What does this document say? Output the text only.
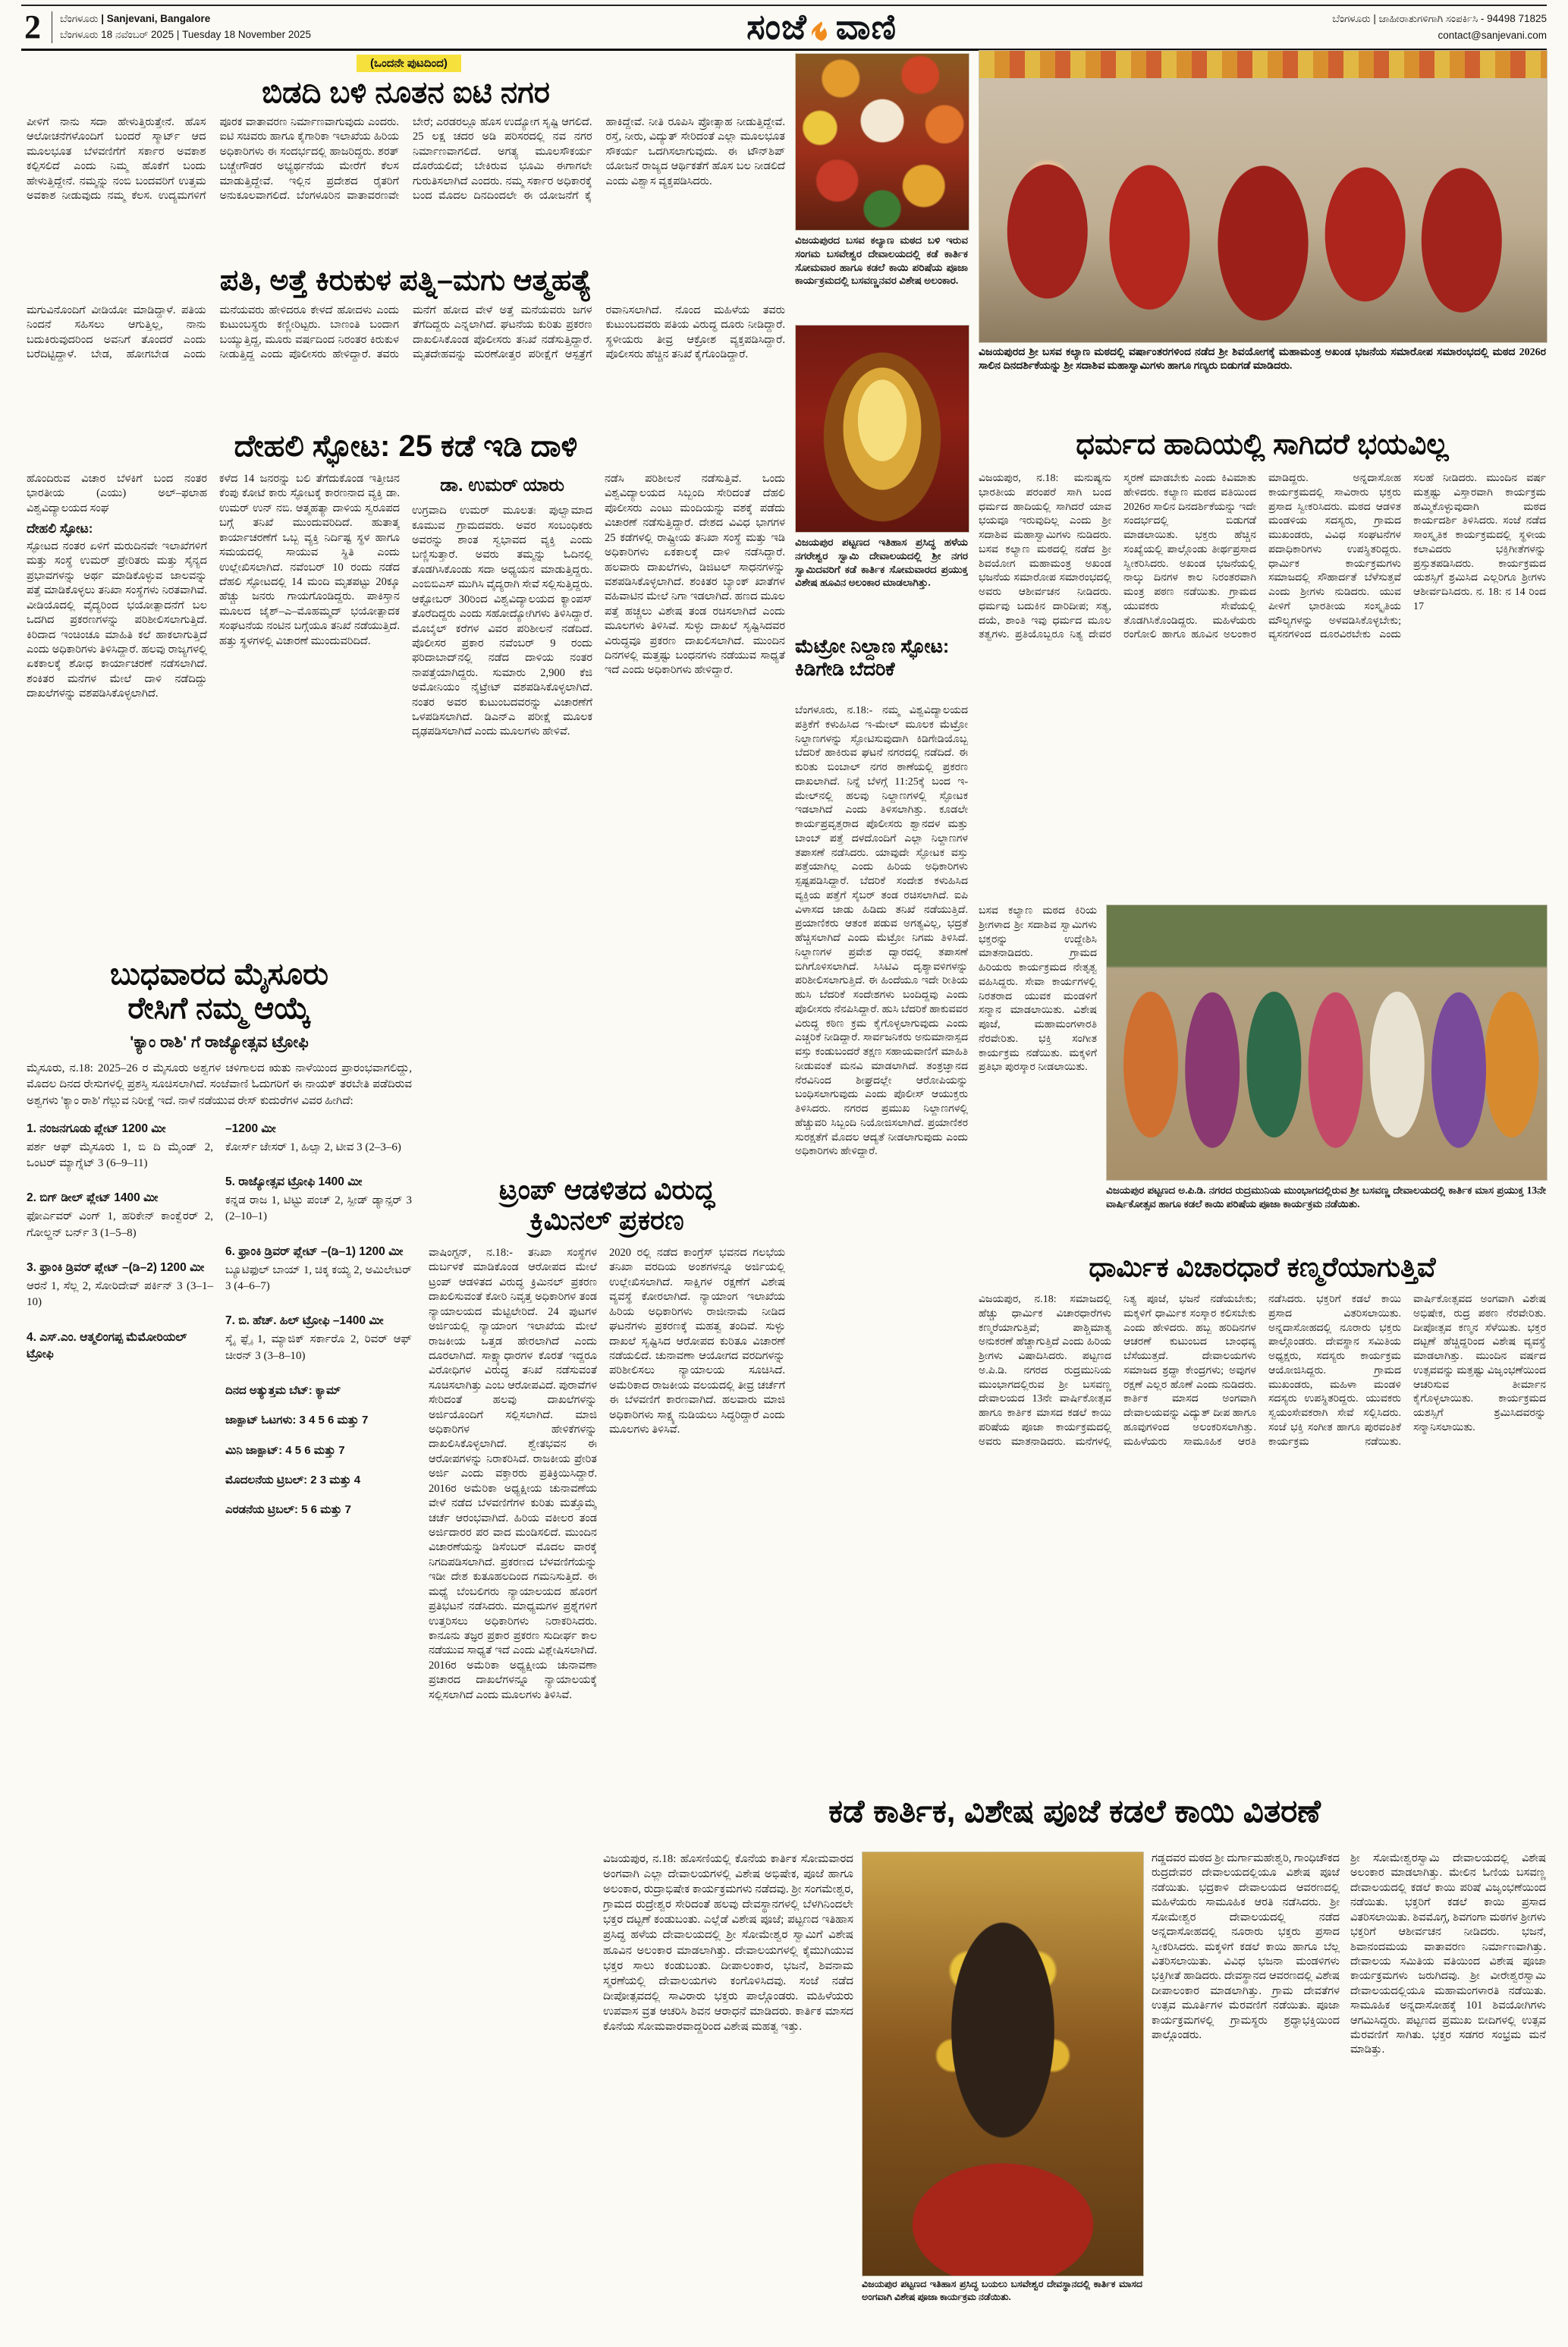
2 ಬೆಂಗಳೂರು | Sanjevani, Bangalore
ಬೆಂಗಳೂರು 18 ನವೆಂಬರ್ 2025 | Tuesday 18 November 2025	ಸಂಜೆ ವಾಣಿ	ಬೆಂಗಳೂರು | ಜಾಹೀರಾತುಗಳಿಗಾಗಿ ಸಂಪರ್ಕಿಸಿ - 94498 71825
contact@sanjevani.com
(ಒಂದನೇ ಪುಟದಿಂದ)
ಬಿಡದಿ ಬಳಿ ನೂತನ ಐಟಿ ನಗರ
ಪೀಳಿಗೆ ನಾನು ಸದಾ ಹೇಳುತ್ತಿರುತ್ತೇನೆ. ಹೊಸ ಆಲೋಚನೆಗಳೊಂದಿಗೆ ಬಂದರೆ ಸ್ಮಾರ್ಟ್ ಆದ ಮೂಲಭೂತ ಬೆಳವಣಿಗೆಗೆ ಸರ್ಕಾರ ಅವಕಾಶ ಕಲ್ಪಿಸಲಿದೆ ಎಂದು ನಿಮ್ಮ ಹೊಕೆಗೆ ಬಂದು ಹೇಳುತ್ತಿದ್ದೇನೆ. ನಮ್ಮನ್ನು ನಂಬಿ ಬಂದವರಿಗೆ ಉತ್ತಮ ಅವಕಾಶ ನೀಡುವುದು ನಮ್ಮ ಕೆಲಸ. ಉದ್ಯಮಗಳಿಗೆ ಪೂರಕ ವಾತಾವರಣ ನಿರ್ಮಾಣವಾಗುವುದು ಎಂದರು. ಐಟಿ ಸಚಿವರು ಹಾಗೂ ಕೈಗಾರಿಕಾ ಇಲಾಖೆಯ ಹಿರಿಯ ಅಧಿಕಾರಿಗಳು ಈ ಸಂದರ್ಭದಲ್ಲಿ ಹಾಜರಿದ್ದರು. ಶರತ್ ಬಚ್ಚೇಗೌಡರ ಅಭ್ಯರ್ಥನೆಯ ಮೇರೆಗೆ ಕೆಲಸ ಮಾಡುತ್ತಿದ್ದೇವೆ. ಇಲ್ಲಿನ ಪ್ರದೇಶದ ರೈತರಿಗೆ ಅನುಕೂಲವಾಗಲಿದೆ. ಬೆಂಗಳೂರಿನ ವಾತಾವರಣವೇ ಬೇರೆ; ಎರಡರಲ್ಲೂ ಹೊಸ ಉದ್ಯೋಗ ಸೃಷ್ಟಿ ಆಗಲಿದೆ. 25 ಲಕ್ಷ ಚದರ ಅಡಿ ಪರಿಸರದಲ್ಲಿ ನವ ನಗರ ನಿರ್ಮಾಣವಾಗಲಿದೆ. ಅಗತ್ಯ ಮೂಲಸೌಕರ್ಯ ದೊರೆಯಲಿದೆ; ಬೇಕಿರುವ ಭೂಮಿ ಈಗಾಗಲೇ ಗುರುತಿಸಲಾಗಿದೆ ಎಂದರು. ನಮ್ಮ ಸರ್ಕಾರ ಅಧಿಕಾರಕ್ಕೆ ಬಂದ ಮೊದಲ ದಿನದಿಂದಲೇ ಈ ಯೋಜನೆಗೆ ಕೈ ಹಾಕಿದ್ದೇವೆ. ನೀತಿ ರೂಪಿಸಿ ಪ್ರೋತ್ಸಾಹ ನೀಡುತ್ತಿದ್ದೇವೆ. ರಸ್ತೆ, ನೀರು, ವಿದ್ಯುತ್ ಸೇರಿದಂತೆ ಎಲ್ಲಾ ಮೂಲಭೂತ ಸೌಕರ್ಯ ಒದಗಿಸಲಾಗುವುದು. ಈ ಟೌನ್‌ಶಿಪ್ ಯೋಜನೆ ರಾಜ್ಯದ ಆರ್ಥಿಕತೆಗೆ ಹೊಸ ಬಲ ನೀಡಲಿದೆ ಎಂದು ವಿಶ್ವಾಸ ವ್ಯಕ್ತಪಡಿಸಿದರು.
ಪತಿ, ಅತ್ತೆ ಕಿರುಕುಳ ಪತ್ನಿ–ಮಗು ಆತ್ಮಹತ್ಯೆ
ಮಗುವಿನೊಂದಿಗೆ ವೀಡಿಯೋ ಮಾಡಿದ್ದಾಳೆ. ಪತಿಯ ನಿಂದನೆ ಸಹಿಸಲು ಆಗುತ್ತಿಲ್ಲ, ನಾನು ಬದುಕಿರುವುದರಿಂದ ಅವನಿಗೆ ತೊಂದರೆ ಎಂದು ಬರೆದಿಟ್ಟಿದ್ದಾಳೆ. ಬೇಡ, ಹೋಗಬೇಡ ಎಂದು ಮನೆಯವರು ಹೇಳಿದರೂ ಕೇಳದೆ ಹೋದಳು ಎಂದು ಕುಟುಂಬಸ್ಥರು ಕಣ್ಣೀರಿಟ್ಟರು. ಬಾಣಂತಿ ಬಂದಾಗ ಬಯ್ಯುತ್ತಿದ್ದ, ಮೂರು ವರ್ಷದಿಂದ ನಿರಂತರ ಕಿರುಕುಳ ನೀಡುತ್ತಿದ್ದ ಎಂದು ಪೊಲೀಸರು ಹೇಳಿದ್ದಾರೆ. ತವರು ಮನೆಗೆ ಹೋದ ವೇಳೆ ಅತ್ತೆ ಮನೆಯವರು ಜಗಳ ತೆಗೆದಿದ್ದರು ಎನ್ನಲಾಗಿದೆ. ಘಟನೆಯ ಕುರಿತು ಪ್ರಕರಣ ದಾಖಲಿಸಿಕೊಂಡ ಪೊಲೀಸರು ತನಿಖೆ ನಡೆಸುತ್ತಿದ್ದಾರೆ. ಮೃತದೇಹವನ್ನು ಮರಣೋತ್ತರ ಪರೀಕ್ಷೆಗೆ ಆಸ್ಪತ್ರೆಗೆ ರವಾನಿಸಲಾಗಿದೆ. ನೊಂದ ಮಹಿಳೆಯ ತವರು ಕುಟುಂಬದವರು ಪತಿಯ ವಿರುದ್ಧ ದೂರು ನೀಡಿದ್ದಾರೆ. ಸ್ಥಳೀಯರು ತೀವ್ರ ಆಕ್ರೋಶ ವ್ಯಕ್ತಪಡಿಸಿದ್ದಾರೆ. ಪೊಲೀಸರು ಹೆಚ್ಚಿನ ತನಿಖೆ ಕೈಗೊಂಡಿದ್ದಾರೆ.
ದೇಹಲಿ ಸ್ಫೋಟ: 25 ಕಡೆ ಇಡಿ ದಾಳಿ

ಹೊಂದಿರುವ ವಿಚಾರ ಬೆಳಕಿಗೆ ಬಂದ ನಂತರ ಭಾರತೀಯ (ಎಯು) ಅಲ್–ಫಲಾಹ ವಿಶ್ವವಿದ್ಯಾಲಯದ ಸಂಘ

ದೇಹಲಿ ಸ್ಫೋಟ:

ಸ್ಫೋಟದ ನಂತರ ಏಳಿಗೆ ಮರುದಿನವೇ ಇಲಾಖೆಗಳಿಗೆ ಮತ್ತು ಸಂಸ್ಥೆ ಉಮರ್ ಪ್ರೇರಿತರು ಮತ್ತು ಸೈನ್ಯದ ಪ್ರಭಾವಗಳನ್ನು ಅರ್ಥ ಮಾಡಿಕೊಳ್ಳುವ ಜಾಲವನ್ನು ಪತ್ತೆ ಮಾಡಿಕೊಳ್ಳಲು ತನಿಖಾ ಸಂಸ್ಥೆಗಳು ನಿರತವಾಗಿವೆ. ವೀಡಿಯೊದಲ್ಲಿ ವೈದ್ಯರಿಂದ ಭಯೋತ್ಪಾದನೆಗೆ ಬಲ ಒದಗಿದ ಪ್ರಕರಣಗಳನ್ನು ಪರಿಶೀಲಿಸಲಾಗುತ್ತಿದೆ. ಕಿರಿದಾದ ಇಂಚಿಂಚೂ ಮಾಹಿತಿ ಕಲೆ ಹಾಕಲಾಗುತ್ತಿದೆ ಎಂದು ಅಧಿಕಾರಿಗಳು ತಿಳಿಸಿದ್ದಾರೆ. ಹಲವು ರಾಜ್ಯಗಳಲ್ಲಿ ಏಕಕಾಲಕ್ಕೆ ಶೋಧ ಕಾರ್ಯಾಚರಣೆ ನಡೆಸಲಾಗಿದೆ. ಶಂಕಿತರ ಮನೆಗಳ ಮೇಲೆ ದಾಳಿ ನಡೆದಿದ್ದು ದಾಖಲೆಗಳನ್ನು ವಶಪಡಿಸಿಕೊಳ್ಳಲಾಗಿದೆ.

ಕಳೆದ 14 ಜನರನ್ನು ಬಲಿ ತೆಗೆದುಕೊಂಡ ಇತ್ತೀಚಿನ ಕೆಂಪು ಕೋಟೆ ಕಾರು ಸ್ಫೋಟಕ್ಕೆ ಕಾರಣನಾದ ವ್ಯಕ್ತಿ ಡಾ. ಉಮರ್ ಉನ್ ನಬಿ. ಆತ್ಮಹತ್ಯಾ ದಾಳಿಯ ಸ್ವರೂಪದ ಬಗ್ಗೆ ತನಿಖೆ ಮುಂದುವರಿದಿದೆ. ಹುತಾತ್ಮ ಕಾರ್ಯಾಚರಣೆಗೆ ಒಬ್ಬ ವ್ಯಕ್ತಿ ನಿರ್ದಿಷ್ಟ ಸ್ಥಳ ಹಾಗೂ ಸಮಯದಲ್ಲಿ ಸಾಯುವ ಸ್ಥಿತಿ ಎಂದು ಉಲ್ಲೇಖಿಸಲಾಗಿದೆ. ನವೆಂಬರ್ 10 ರಂದು ನಡೆದ ದೆಹಲಿ ಸ್ಫೋಟದಲ್ಲಿ 14 ಮಂದಿ ಮೃತಪಟ್ಟು 20ಕ್ಕೂ ಹೆಚ್ಚು ಜನರು ಗಾಯಗೊಂಡಿದ್ದರು. ಪಾಕಿಸ್ತಾನ ಮೂಲದ ಜೈಶ್–ಎ–ಮೊಹಮ್ಮದ್ ಭಯೋತ್ಪಾದಕ ಸಂಘಟನೆಯ ನಂಟಿನ ಬಗ್ಗೆಯೂ ತನಿಖೆ ನಡೆಯುತ್ತಿದೆ. ಹತ್ತು ಸ್ಥಳಗಳಲ್ಲಿ ವಿಚಾರಣೆ ಮುಂದುವರಿದಿದೆ.
ಡಾ. ಉಮರ್ ಯಾರು

ಉಗ್ರವಾದಿ ಉಮರ್ ಮೂಲತಃ ಪುಲ್ವಾಮಾದ ಕೂಮುವ ಗ್ರಾಮದವರು. ಅವರ ಸಂಬಂಧಿಕರು ಅವರನ್ನು ಶಾಂತ ಸ್ವಭಾವದ ವ್ಯಕ್ತಿ ಎಂದು ಬಣ್ಣಿಸುತ್ತಾರೆ. ಅವರು ತಮ್ಮನ್ನು ಓದಿನಲ್ಲಿ ತೊಡಗಿಸಿಕೊಂಡು ಸದಾ ಅಧ್ಯಯನ ಮಾಡುತ್ತಿದ್ದರು. ಎಂಬಿಬಿಎಸ್ ಮುಗಿಸಿ ವೈದ್ಯರಾಗಿ ಸೇವೆ ಸಲ್ಲಿಸುತ್ತಿದ್ದರು. ಆಕ್ಟೋಬರ್ 30ರಿಂದ ವಿಶ್ವವಿದ್ಯಾಲಯದ ಕ್ಯಾಂಪಸ್ ತೊರೆದಿದ್ದರು ಎಂದು ಸಹೋದ್ಯೋಗಿಗಳು ತಿಳಿಸಿದ್ದಾರೆ. ಮೊಬೈಲ್ ಕರೆಗಳ ವಿವರ ಪರಿಶೀಲನೆ ನಡೆದಿದೆ. ಪೊಲೀಸರ ಪ್ರಕಾರ ನವೆಂಬರ್ 9 ರಂದು ಫರಿದಾಬಾದ್‌ನಲ್ಲಿ ನಡೆದ ದಾಳಿಯ ನಂತರ ನಾಪತ್ತೆಯಾಗಿದ್ದರು. ಸುಮಾರು 2,900 ಕೆಜಿ ಅಮೋನಿಯಂ ನೈಟ್ರೇಟ್ ವಶಪಡಿಸಿಕೊಳ್ಳಲಾಗಿದೆ. ನಂತರ ಅವರ ಕುಟುಂಬದವರನ್ನು ವಿಚಾರಣೆಗೆ ಒಳಪಡಿಸಲಾಗಿದೆ. ಡಿಎನ್‌ಎ ಪರೀಕ್ಷೆ ಮೂಲಕ ದೃಢಪಡಿಸಲಾಗಿದೆ ಎಂದು ಮೂಲಗಳು ಹೇಳಿವೆ.

ನಡೆಸಿ ಪರಿಶೀಲನೆ ನಡೆಸುತ್ತಿವೆ. ಒಂದು ವಿಶ್ವವಿದ್ಯಾಲಯದ ಸಿಬ್ಬಂದಿ ಸೇರಿದಂತೆ ದೆಹಲಿ ಪೊಲೀಸರು ಎಂಟು ಮಂದಿಯನ್ನು ವಶಕ್ಕೆ ಪಡೆದು ವಿಚಾರಣೆ ನಡೆಸುತ್ತಿದ್ದಾರೆ. ದೇಶದ ವಿವಿಧ ಭಾಗಗಳ 25 ಕಡೆಗಳಲ್ಲಿ ರಾಷ್ಟ್ರೀಯ ತನಿಖಾ ಸಂಸ್ಥೆ ಮತ್ತು ಇಡಿ ಅಧಿಕಾರಿಗಳು ಏಕಕಾಲಕ್ಕೆ ದಾಳಿ ನಡೆಸಿದ್ದಾರೆ. ಹಲವಾರು ದಾಖಲೆಗಳು, ಡಿಜಿಟಲ್ ಸಾಧನಗಳನ್ನು ವಶಪಡಿಸಿಕೊಳ್ಳಲಾಗಿದೆ. ಶಂಕಿತರ ಬ್ಯಾಂಕ್ ಖಾತೆಗಳ ವಹಿವಾಟಿನ ಮೇಲೆ ನಿಗಾ ಇಡಲಾಗಿದೆ. ಹಣದ ಮೂಲ ಪತ್ತೆ ಹಚ್ಚಲು ವಿಶೇಷ ತಂಡ ರಚಿಸಲಾಗಿದೆ ಎಂದು ಮೂಲಗಳು ತಿಳಿಸಿವೆ. ಸುಳ್ಳು ದಾಖಲೆ ಸೃಷ್ಟಿಸಿದವರ ವಿರುದ್ಧವೂ ಪ್ರಕರಣ ದಾಖಲಿಸಲಾಗಿದೆ. ಮುಂದಿನ ದಿನಗಳಲ್ಲಿ ಮತ್ತಷ್ಟು ಬಂಧನಗಳು ನಡೆಯುವ ಸಾಧ್ಯತೆ ಇದೆ ಎಂದು ಅಧಿಕಾರಿಗಳು ಹೇಳಿದ್ದಾರೆ.
ಬುಧವಾರದ ಮೈಸೂರು
ರೇಸಿಗೆ ನಮ್ಮ ಆಯ್ಕೆ
'ಕ್ಯಾಂ ರಾಶಿ' ಗೆ ರಾಜ್ಯೋತ್ಸವ ಟ್ರೋಫಿ
ಮೈಸೂರು, ನ.18: 2025–26 ರ ಮೈಸೂರು ಅಶ್ವಗಳ ಚಳಿಗಾಲದ ಋತು ನಾಳೆಯಿಂದ ಪ್ರಾರಂಭವಾಗಲಿದ್ದು, ಮೊದಲ ದಿನದ ರೇಸುಗಳಲ್ಲಿ ಪ್ರಶಸ್ತಿ ಸೂಚಿಸಲಾಗಿದೆ. ಸಂಜೆವಾಣಿ ಓದುಗರಿಗೆ ಈ ನಾಯಕ್ ತರಬೇತಿ ಪಡೆದಿರುವ ಅಶ್ವಗಳು 'ಕ್ಯಾಂ ರಾಶಿ' ಗೆಲ್ಲುವ ನಿರೀಕ್ಷೆ ಇದೆ. ನಾಳೆ ನಡೆಯುವ ರೇಸ್ ಕುದುರೆಗಳ ವಿವರ ಹೀಗಿದೆ:
1. ನಂಜನಗೂಡು ಪ್ಲೇಟ್ 1200 ಮೀ
ಪರ್ಶ ಆಫ್ ಮೈಸೂರು 1, ಬಿ ದಿ ಮೈಂಡ್ 2, ಒಂಟರ್ ಮ್ಯಾಗ್ನೆಟ್ 3 (6–9–11)
2. ಬಿಗ್ ಡೀಲ್ ಪ್ಲೇಟ್ 1400 ಮೀ
ಫೋರ್ಎವರ್ ವಿಂಗ್ 1, ಹರಿಕೇನ್ ಕಾಂಕ್ವೆರರ್ 2, ಗೋಲ್ಡನ್ ಬರ್ನ್ 3 (1–5–8)
3. ಫ್ರಾಂಕಿ ಡ್ರಿವರ್ ಪ್ಲೇಟ್ –(ಡಿ–2) 1200 ಮೀ
ಆರನೆ 1, ಸೆಲ್ಲ 2, ಸೋರಿದೇವ್ ಪರ್ಕಿನ್ 3 (3–1–10)
4. ಎಸ್.ಎಂ. ಆತ್ಮಲಿಂಗಪ್ಪ ಮೆಮೋರಿಯಲ್ ಟ್ರೋಫಿ
–1200 ಮೀ
ಕೋರ್ಸ್ ಜೇಸರ್ 1, ಹಿಲ್ಸಾ 2, ಟೀವ 3 (2–3–6)
5. ರಾಜ್ಯೋತ್ಸವ ಟ್ರೋಫಿ 1400 ಮೀ
ಕನ್ನಡ ರಾಜ 1, ಟಿಟ್ಟು ಪಂಚ್ 2, ಸ್ಪೀಡ್ ಡ್ಯಾನ್ಸರ್ 3 (2–10–1)
6. ಫ್ರಾಂಕಿ ಡ್ರಿವರ್ ಪ್ಲೇಟ್ –(ಡಿ–1) 1200 ಮೀ
ಬ್ಯೂಟಿಫುಲ್ ಬಾಯ್ 1, ಚಿಕ್ಕ ಕಯ್ಯ 2, ಅಮಿಲೇಟರ್ 3 (4–6–7)
7. ಬಿ. ಹೆಚ್. ಹಿಲ್ ಟ್ರೋಫಿ –1400 ಮೀ
ಸ್ಕೈ ಫ್ಲೈ 1, ಮ್ಯಾಜಿಕ್ ಸರ್ಕಾರೊ 2, ರಿವರ್ ಆಫ್ ಚೀರನ್ 3 (3–8–10)
ದಿನದ ಅತ್ಯುತ್ತಮ ಬೆಟ್: ಕ್ಯಾಮ್
ಜಾಕ್ಪಾಟ್ ಓಟಗಳು: 3 4 5 6 ಮತ್ತು 7
ಮಿನಿ ಜಾಕ್ಪಾಟ್: 4 5 6 ಮತ್ತು 7
ಮೊದಲನೆಯ ಟ್ರಿಬಲ್: 2 3 ಮತ್ತು 4
ಎರಡನೆಯ ಟ್ರಿಬಲ್: 5 6 ಮತ್ತು 7
ಟ್ರಂಪ್ ಆಡಳಿತದ ವಿರುದ್ಧ
ಕ್ರಿಮಿನಲ್ ಪ್ರಕರಣ
ವಾಷಿಂಗ್ಟನ್, ನ.18:- ತನಿಖಾ ಸಂಸ್ಥೆಗಳ ದುರ್ಬಳಕೆ ಮಾಡಿಕೊಂಡ ಆರೋಪದ ಮೇಲೆ ಟ್ರಂಪ್ ಆಡಳಿತದ ವಿರುದ್ಧ ಕ್ರಿಮಿನಲ್ ಪ್ರಕರಣ ದಾಖಲಿಸುವಂತೆ ಕೋರಿ ನಿವೃತ್ತ ಅಧಿಕಾರಿಗಳ ತಂಡ ನ್ಯಾಯಾಲಯದ ಮೆಟ್ಟಿಲೇರಿದೆ. 24 ಪುಟಗಳ ಅರ್ಜಿಯಲ್ಲಿ ನ್ಯಾಯಾಂಗ ಇಲಾಖೆಯ ಮೇಲೆ ರಾಜಕೀಯ ಒತ್ತಡ ಹೇರಲಾಗಿದೆ ಎಂದು ದೂರಲಾಗಿದೆ. ಸಾಕ್ಷ್ಯಾಧಾರಗಳ ಕೊರತೆ ಇದ್ದರೂ ವಿರೋಧಿಗಳ ವಿರುದ್ಧ ತನಿಖೆ ನಡೆಸುವಂತೆ ಸೂಚಿಸಲಾಗಿತ್ತು ಎಂಬ ಆರೋಪವಿದೆ. ಪುರಾವೆಗಳ ಸೇರಿದಂತೆ ಹಲವು ದಾಖಲೆಗಳನ್ನು ಅರ್ಜಿಯೊಂದಿಗೆ ಸಲ್ಲಿಸಲಾಗಿದೆ. ಮಾಜಿ ಅಧಿಕಾರಿಗಳ ಹೇಳಿಕೆಗಳನ್ನು ದಾಖಲಿಸಿಕೊಳ್ಳಲಾಗಿದೆ. ಶ್ವೇತಭವನ ಈ ಆರೋಪಗಳನ್ನು ನಿರಾಕರಿಸಿದೆ. ರಾಜಕೀಯ ಪ್ರೇರಿತ ಅರ್ಜಿ ಎಂದು ವಕ್ತಾರರು ಪ್ರತಿಕ್ರಿಯಿಸಿದ್ದಾರೆ. 2016ರ ಅಮೆರಿಕಾ ಅಧ್ಯಕ್ಷೀಯ ಚುನಾವಣೆಯ ವೇಳೆ ನಡೆದ ಬೆಳವಣಿಗೆಗಳ ಕುರಿತು ಮತ್ತೊಮ್ಮೆ ಚರ್ಚೆ ಆರಂಭವಾಗಿದೆ. ಹಿರಿಯ ವಕೀಲರ ತಂಡ ಅರ್ಜಿದಾರರ ಪರ ವಾದ ಮಂಡಿಸಲಿದೆ. ಮುಂದಿನ ವಿಚಾರಣೆಯನ್ನು ಡಿಸೆಂಬರ್ ಮೊದಲ ವಾರಕ್ಕೆ ನಿಗದಿಪಡಿಸಲಾಗಿದೆ. ಪ್ರಕರಣದ ಬೆಳವಣಿಗೆಯನ್ನು ಇಡೀ ದೇಶ ಕುತೂಹಲದಿಂದ ಗಮನಿಸುತ್ತಿದೆ. ಈ ಮಧ್ಯೆ ಬೆಂಬಲಿಗರು ನ್ಯಾಯಾಲಯದ ಹೊರಗೆ ಪ್ರತಿಭಟನೆ ನಡೆಸಿದರು. ಮಾಧ್ಯಮಗಳ ಪ್ರಶ್ನೆಗಳಿಗೆ ಉತ್ತರಿಸಲು ಅಧಿಕಾರಿಗಳು ನಿರಾಕರಿಸಿದರು. ಕಾನೂನು ತಜ್ಞರ ಪ್ರಕಾರ ಪ್ರಕರಣ ಸುದೀರ್ಘ ಕಾಲ ನಡೆಯುವ ಸಾಧ್ಯತೆ ಇದೆ ಎಂದು ವಿಶ್ಲೇಷಿಸಲಾಗಿದೆ. 2016ರ ಅಮೆರಿಕಾ ಅಧ್ಯಕ್ಷೀಯ ಚುನಾವಣಾ ಪ್ರಚಾರದ ದಾಖಲೆಗಳನ್ನೂ ನ್ಯಾಯಾಲಯಕ್ಕೆ ಸಲ್ಲಿಸಲಾಗಿದೆ ಎಂದು ಮೂಲಗಳು ತಿಳಿಸಿವೆ.
2020 ರಲ್ಲಿ ನಡೆದ ಕಾಂಗ್ರೆಸ್ ಭವನದ ಗಲಭೆಯ ತನಿಖಾ ವರದಿಯ ಅಂಶಗಳನ್ನೂ ಅರ್ಜಿಯಲ್ಲಿ ಉಲ್ಲೇಖಿಸಲಾಗಿದೆ. ಸಾಕ್ಷಿಗಳ ರಕ್ಷಣೆಗೆ ವಿಶೇಷ ವ್ಯವಸ್ಥೆ ಕೋರಲಾಗಿದೆ. ನ್ಯಾಯಾಂಗ ಇಲಾಖೆಯ ಹಿರಿಯ ಅಧಿಕಾರಿಗಳು ರಾಜೀನಾಮೆ ನೀಡಿದ ಘಟನೆಗಳು ಪ್ರಕರಣಕ್ಕೆ ಮಹತ್ವ ತಂದಿವೆ. ಸುಳ್ಳು ದಾಖಲೆ ಸೃಷ್ಟಿಸಿದ ಆರೋಪದ ಕುರಿತೂ ವಿಚಾರಣೆ ನಡೆಯಲಿದೆ. ಚುನಾವಣಾ ಆಯೋಗದ ವರದಿಗಳನ್ನು ಪರಿಶೀಲಿಸಲು ನ್ಯಾಯಾಲಯ ಸೂಚಿಸಿದೆ. ಅಮೆರಿಕಾದ ರಾಜಕೀಯ ವಲಯದಲ್ಲಿ ತೀವ್ರ ಚರ್ಚೆಗೆ ಈ ಬೆಳವಣಿಗೆ ಕಾರಣವಾಗಿದೆ. ಹಲವಾರು ಮಾಜಿ ಅಧಿಕಾರಿಗಳು ಸಾಕ್ಷ್ಯ ನುಡಿಯಲು ಸಿದ್ಧರಿದ್ದಾರೆ ಎಂದು ಮೂಲಗಳು ತಿಳಿಸಿವೆ.
ವಿಜಯಪುರದ ಬಸವ ಕಲ್ಯಾಣ ಮಠದ ಬಳಿ ಇರುವ ಸಂಗಮ ಬಸವೇಶ್ವರ ದೇವಾಲಯದಲ್ಲಿ ಕಡೆ ಕಾರ್ತಿಕ ಸೋಮವಾರ ಹಾಗೂ ಕಡಲೆ ಕಾಯಿ ಪರಿಷೆಯ ಪೂಜಾ ಕಾರ್ಯಕ್ರಮದಲ್ಲಿ ಬಸವಣ್ಣನವರ ವಿಶೇಷ ಅಲಂಕಾರ.
ವಿಜಯಪುರ ಪಟ್ಟಣದ ಇತಿಹಾಸ ಪ್ರಸಿದ್ಧ ಹಳೆಯ ನಗರೇಶ್ವರ ಸ್ವಾಮಿ ದೇವಾಲಯದಲ್ಲಿ ಶ್ರೀ ನಗರ ಸ್ವಾಮಿದವರಿಗೆ ಕಡೆ ಕಾರ್ತಿಕ ಸೋಮವಾರದ ಪ್ರಯುಕ್ತ ವಿಶೇಷ ಹೂವಿನ ಅಲಂಕಾರ ಮಾಡಲಾಗಿತ್ತು.
ಮೆಟ್ರೋ ನಿಲ್ದಾಣ ಸ್ಫೋಟ: ಕಿಡಿಗೇಡಿ ಬೆದರಿಕೆ
ಬೆಂಗಳೂರು, ನ.18:- ನಮ್ಮ ವಿಶ್ವವಿದ್ಯಾಲಯದ ಪತ್ರಿಕೆಗೆ ಕಳುಹಿಸಿದ ಇ-ಮೇಲ್ ಮೂಲಕ ಮೆಟ್ರೋ ನಿಲ್ದಾಣಗಳನ್ನು ಸ್ಫೋಟಿಸುವುದಾಗಿ ಕಿಡಿಗೇಡಿಯೊಬ್ಬ ಬೆದರಿಕೆ ಹಾಕಿರುವ ಘಟನೆ ನಗರದಲ್ಲಿ ನಡೆದಿದೆ. ಈ ಕುರಿತು ಬಿಂಬಾಲ್ ನಗರ ಠಾಣೆಯಲ್ಲಿ ಪ್ರಕರಣ ದಾಖಲಾಗಿದೆ. ನಿನ್ನೆ ಬೆಳಗ್ಗೆ 11:25ಕ್ಕೆ ಬಂದ ಇ-ಮೇಲ್‌ನಲ್ಲಿ ಹಲವು ನಿಲ್ದಾಣಗಳಲ್ಲಿ ಸ್ಫೋಟಕ ಇಡಲಾಗಿದೆ ಎಂದು ತಿಳಿಸಲಾಗಿತ್ತು. ಕೂಡಲೇ ಕಾರ್ಯಪ್ರವೃತ್ತರಾದ ಪೊಲೀಸರು ಶ್ವಾನದಳ ಮತ್ತು ಬಾಂಬ್ ಪತ್ತೆ ದಳದೊಂದಿಗೆ ಎಲ್ಲಾ ನಿಲ್ದಾಣಗಳ ತಪಾಸಣೆ ನಡೆಸಿದರು. ಯಾವುದೇ ಸ್ಫೋಟಕ ವಸ್ತು ಪತ್ತೆಯಾಗಿಲ್ಲ ಎಂದು ಹಿರಿಯ ಅಧಿಕಾರಿಗಳು ಸ್ಪಷ್ಟಪಡಿಸಿದ್ದಾರೆ. ಬೆದರಿಕೆ ಸಂದೇಶ ಕಳುಹಿಸಿದ ವ್ಯಕ್ತಿಯ ಪತ್ತೆಗೆ ಸೈಬರ್ ತಂಡ ರಚಿಸಲಾಗಿದೆ. ಐಪಿ ವಿಳಾಸದ ಜಾಡು ಹಿಡಿದು ತನಿಖೆ ನಡೆಯುತ್ತಿದೆ. ಪ್ರಯಾಣಿಕರು ಆತಂಕ ಪಡುವ ಅಗತ್ಯವಿಲ್ಲ, ಭದ್ರತೆ ಹೆಚ್ಚಿಸಲಾಗಿದೆ ಎಂದು ಮೆಟ್ರೋ ನಿಗಮ ತಿಳಿಸಿದೆ. ನಿಲ್ದಾಣಗಳ ಪ್ರವೇಶ ದ್ವಾರದಲ್ಲಿ ತಪಾಸಣೆ ಬಿಗಿಗೊಳಿಸಲಾಗಿದೆ. ಸಿಸಿಟಿವಿ ದೃಶ್ಯಾವಳಿಗಳನ್ನು ಪರಿಶೀಲಿಸಲಾಗುತ್ತಿದೆ. ಈ ಹಿಂದೆಯೂ ಇದೇ ರೀತಿಯ ಹುಸಿ ಬೆದರಿಕೆ ಸಂದೇಶಗಳು ಬಂದಿದ್ದವು ಎಂದು ಪೊಲೀಸರು ನೆನಪಿಸಿದ್ದಾರೆ. ಹುಸಿ ಬೆದರಿಕೆ ಹಾಕುವವರ ವಿರುದ್ಧ ಕಠಿಣ ಕ್ರಮ ಕೈಗೊಳ್ಳಲಾಗುವುದು ಎಂದು ಎಚ್ಚರಿಕೆ ನೀಡಿದ್ದಾರೆ. ಸಾರ್ವಜನಿಕರು ಅನುಮಾನಾಸ್ಪದ ವಸ್ತು ಕಂಡುಬಂದರೆ ತಕ್ಷಣ ಸಹಾಯವಾಣಿಗೆ ಮಾಹಿತಿ ನೀಡುವಂತೆ ಮನವಿ ಮಾಡಲಾಗಿದೆ. ತಂತ್ರಜ್ಞಾನದ ನೆರವಿನಿಂದ ಶೀಘ್ರದಲ್ಲೇ ಆರೋಪಿಯನ್ನು ಬಂಧಿಸಲಾಗುವುದು ಎಂದು ಪೊಲೀಸ್ ಆಯುಕ್ತರು ತಿಳಿಸಿದರು. ನಗರದ ಪ್ರಮುಖ ನಿಲ್ದಾಣಗಳಲ್ಲಿ ಹೆಚ್ಚುವರಿ ಸಿಬ್ಬಂದಿ ನಿಯೋಜಿಸಲಾಗಿದೆ. ಪ್ರಯಾಣಿಕರ ಸುರಕ್ಷತೆಗೆ ಮೊದಲ ಆದ್ಯತೆ ನೀಡಲಾಗುವುದು ಎಂದು ಅಧಿಕಾರಿಗಳು ಹೇಳಿದ್ದಾರೆ.
ವಿಜಯಪುರದ ಶ್ರೀ ಬಸವ ಕಲ್ಯಾಣ ಮಠದಲ್ಲಿ ವರ್ಷಾಂತರಗಳಿಂದ ನಡೆದ ಶ್ರೀ ಶಿವಯೋಗಕ್ಕೆ ಮಹಾಮಂತ್ರ ಅಖಂಡ ಭಜನೆಯ ಸಮಾರೋಪ ಸಮಾರಂಭದಲ್ಲಿ ಮಠದ 2026ರ ಸಾಲಿನ ದಿನದರ್ಶಿಕೆಯನ್ನು ಶ್ರೀ ಸದಾಶಿವ ಮಹಾಸ್ವಾಮಿಗಳು ಹಾಗೂ ಗಣ್ಯರು ಬಿಡುಗಡೆ ಮಾಡಿದರು.
ಧರ್ಮದ ಹಾದಿಯಲ್ಲಿ ಸಾಗಿದರೆ ಭಯವಿಲ್ಲ
ವಿಜಯಪುರ, ನ.18: ಮನುಷ್ಯನು ಭಾರತೀಯ ಪರಂಪರೆ ಸಾಗಿ ಬಂದ ಧರ್ಮದ ಹಾದಿಯಲ್ಲಿ ಸಾಗಿದರೆ ಯಾವ ಭಯವೂ ಇರುವುದಿಲ್ಲ ಎಂದು ಶ್ರೀ ಸದಾಶಿವ ಮಹಾಸ್ವಾಮಿಗಳು ನುಡಿದರು. ಬಸವ ಕಲ್ಯಾಣ ಮಠದಲ್ಲಿ ನಡೆದ ಶ್ರೀ ಶಿವಯೋಗ ಮಹಾಮಂತ್ರ ಅಖಂಡ ಭಜನೆಯ ಸಮಾರೋಪ ಸಮಾರಂಭದಲ್ಲಿ ಅವರು ಆಶೀರ್ವಚನ ನೀಡಿದರು. ಧರ್ಮವು ಬದುಕಿನ ದಾರಿದೀಪ; ಸತ್ಯ, ದಯೆ, ಶಾಂತಿ ಇವು ಧರ್ಮದ ಮೂಲ ತತ್ವಗಳು. ಪ್ರತಿಯೊಬ್ಬರೂ ನಿತ್ಯ ದೇವರ ಸ್ಮರಣೆ ಮಾಡಬೇಕು ಎಂದು ಕಿವಿಮಾತು ಹೇಳಿದರು. ಕಲ್ಯಾಣ ಮಠದ ವತಿಯಿಂದ 2026ರ ಸಾಲಿನ ದಿನದರ್ಶಿಕೆಯನ್ನು ಇದೇ ಸಂದರ್ಭದಲ್ಲಿ ಬಿಡುಗಡೆ ಮಾಡಲಾಯಿತು. ಭಕ್ತರು ಹೆಚ್ಚಿನ ಸಂಖ್ಯೆಯಲ್ಲಿ ಪಾಲ್ಗೊಂಡು ತೀರ್ಥಪ್ರಸಾದ ಸ್ವೀಕರಿಸಿದರು. ಅಖಂಡ ಭಜನೆಯಲ್ಲಿ ನಾಲ್ಕು ದಿನಗಳ ಕಾಲ ನಿರಂತರವಾಗಿ ಮಂತ್ರ ಪಠಣ ನಡೆಯಿತು. ಗ್ರಾಮದ ಯುವಕರು ಸೇವೆಯಲ್ಲಿ ತೊಡಗಿಸಿಕೊಂಡಿದ್ದರು. ಮಹಿಳೆಯರು ರಂಗೋಲಿ ಹಾಗೂ ಹೂವಿನ ಅಲಂಕಾರ ಮಾಡಿದ್ದರು. ಅನ್ನದಾಸೋಹ ಕಾರ್ಯಕ್ರಮದಲ್ಲಿ ಸಾವಿರಾರು ಭಕ್ತರು ಪ್ರಸಾದ ಸ್ವೀಕರಿಸಿದರು. ಮಠದ ಆಡಳಿತ ಮಂಡಳಿಯ ಸದಸ್ಯರು, ಗ್ರಾಮದ ಮುಖಂಡರು, ವಿವಿಧ ಸಂಘಟನೆಗಳ ಪದಾಧಿಕಾರಿಗಳು ಉಪಸ್ಥಿತರಿದ್ದರು. ಧಾರ್ಮಿಕ ಕಾರ್ಯಕ್ರಮಗಳು ಸಮಾಜದಲ್ಲಿ ಸೌಹಾರ್ದತೆ ಬೆಳೆಸುತ್ತವೆ ಎಂದು ಶ್ರೀಗಳು ನುಡಿದರು. ಯುವ ಪೀಳಿಗೆ ಭಾರತೀಯ ಸಂಸ್ಕೃತಿಯ ಮೌಲ್ಯಗಳನ್ನು ಅಳವಡಿಸಿಕೊಳ್ಳಬೇಕು; ವ್ಯಸನಗಳಿಂದ ದೂರವಿರಬೇಕು ಎಂದು ಸಲಹೆ ನೀಡಿದರು. ಮುಂದಿನ ವರ್ಷ ಮತ್ತಷ್ಟು ವಿಸ್ತಾರವಾಗಿ ಕಾರ್ಯಕ್ರಮ ಹಮ್ಮಿಕೊಳ್ಳುವುದಾಗಿ ಮಠದ ಕಾರ್ಯದರ್ಶಿ ತಿಳಿಸಿದರು. ಸಂಜೆ ನಡೆದ ಸಾಂಸ್ಕೃತಿಕ ಕಾರ್ಯಕ್ರಮದಲ್ಲಿ ಸ್ಥಳೀಯ ಕಲಾವಿದರು ಭಕ್ತಿಗೀತೆಗಳನ್ನು ಪ್ರಸ್ತುತಪಡಿಸಿದರು. ಕಾರ್ಯಕ್ರಮದ ಯಶಸ್ಸಿಗೆ ಶ್ರಮಿಸಿದ ಎಲ್ಲರಿಗೂ ಶ್ರೀಗಳು ಆಶೀರ್ವದಿಸಿದರು. ನ. 18: ನ 14 ರಿಂದ 17
ಬಸವ ಕಲ್ಯಾಣ ಮಠದ ಕಿರಿಯ ಶ್ರೀಗಳಾದ ಶ್ರೀ ಸದಾಶಿವ ಸ್ವಾಮಿಗಳು ಭಕ್ತರನ್ನು ಉದ್ದೇಶಿಸಿ ಮಾತನಾಡಿದರು. ಗ್ರಾಮದ ಹಿರಿಯರು ಕಾರ್ಯಕ್ರಮದ ನೇತೃತ್ವ ವಹಿಸಿದ್ದರು. ಸೇವಾ ಕಾರ್ಯಗಳಲ್ಲಿ ನಿರತರಾದ ಯುವಕ ಮಂಡಳಿಗೆ ಸನ್ಮಾನ ಮಾಡಲಾಯಿತು. ವಿಶೇಷ ಪೂಜೆ, ಮಹಾಮಂಗಳಾರತಿ ನೆರವೇರಿತು. ಭಕ್ತಿ ಸಂಗೀತ ಕಾರ್ಯಕ್ರಮ ನಡೆಯಿತು. ಮಕ್ಕಳಿಗೆ ಪ್ರತಿಭಾ ಪುರಸ್ಕಾರ ನೀಡಲಾಯಿತು.
ವಿಜಯಪುರ ಪಟ್ಟಣದ ಅ.ಪಿ.ಡಿ. ನಗರದ ರುದ್ರಮುನಿಯ ಮುಂಭಾಗದಲ್ಲಿರುವ ಶ್ರೀ ಬಸವಣ್ಣ ದೇವಾಲಯದಲ್ಲಿ ಕಾರ್ತಿಕ ಮಾಸ ಪ್ರಯುಕ್ತ 13ನೇ ವಾರ್ಷಿಕೋತ್ಸವ ಹಾಗೂ ಕಡಲೆ ಕಾಯಿ ಪರಿಷೆಯ ಪೂಜಾ ಕಾರ್ಯಕ್ರಮ ನಡೆಯಿತು.
ಧಾರ್ಮಿಕ ವಿಚಾರಧಾರೆ ಕಣ್ಮರೆಯಾಗುತ್ತಿವೆ
ವಿಜಯಪುರ, ನ.18: ಸಮಾಜದಲ್ಲಿ ಹೆಚ್ಚು ಧಾರ್ಮಿಕ ವಿಚಾರಧಾರೆಗಳು ಕಣ್ಮರೆಯಾಗುತ್ತಿವೆ; ಪಾಶ್ಚಿಮಾತ್ಯ ಅನುಕರಣೆ ಹೆಚ್ಚಾಗುತ್ತಿದೆ ಎಂದು ಹಿರಿಯ ಶ್ರೀಗಳು ವಿಷಾದಿಸಿದರು. ಪಟ್ಟಣದ ಅ.ಪಿ.ಡಿ. ನಗರದ ರುದ್ರಮುನಿಯ ಮುಂಭಾಗದಲ್ಲಿರುವ ಶ್ರೀ ಬಸವಣ್ಣ ದೇವಾಲಯದ 13ನೇ ವಾರ್ಷಿಕೋತ್ಸವ ಹಾಗೂ ಕಾರ್ತಿಕ ಮಾಸದ ಕಡಲೆ ಕಾಯಿ ಪರಿಷೆಯ ಪೂಜಾ ಕಾರ್ಯಕ್ರಮದಲ್ಲಿ ಅವರು ಮಾತನಾಡಿದರು. ಮನೆಗಳಲ್ಲಿ ನಿತ್ಯ ಪೂಜೆ, ಭಜನೆ ನಡೆಯಬೇಕು; ಮಕ್ಕಳಿಗೆ ಧಾರ್ಮಿಕ ಸಂಸ್ಕಾರ ಕಲಿಸಬೇಕು ಎಂದು ಹೇಳಿದರು. ಹಬ್ಬ ಹರಿದಿನಗಳ ಆಚರಣೆ ಕುಟುಂಬದ ಬಾಂಧವ್ಯ ಬೆಸೆಯುತ್ತದೆ. ದೇವಾಲಯಗಳು ಸಮಾಜದ ಶ್ರದ್ಧಾ ಕೇಂದ್ರಗಳು; ಅವುಗಳ ರಕ್ಷಣೆ ಎಲ್ಲರ ಹೊಣೆ ಎಂದು ನುಡಿದರು. ಕಾರ್ತಿಕ ಮಾಸದ ಅಂಗವಾಗಿ ದೇವಾಲಯವನ್ನು ವಿದ್ಯುತ್ ದೀಪ ಹಾಗೂ ಹೂವುಗಳಿಂದ ಅಲಂಕರಿಸಲಾಗಿತ್ತು. ಮಹಿಳೆಯರು ಸಾಮೂಹಿಕ ಆರತಿ ನಡೆಸಿದರು. ಭಕ್ತರಿಗೆ ಕಡಲೆ ಕಾಯಿ ಪ್ರಸಾದ ವಿತರಿಸಲಾಯಿತು. ಅನ್ನದಾಸೋಹದಲ್ಲಿ ನೂರಾರು ಭಕ್ತರು ಪಾಲ್ಗೊಂಡರು. ದೇವಸ್ಥಾನ ಸಮಿತಿಯ ಅಧ್ಯಕ್ಷರು, ಸದಸ್ಯರು ಕಾರ್ಯಕ್ರಮ ಆಯೋಜಿಸಿದ್ದರು. ಗ್ರಾಮದ ಮುಖಂಡರು, ಮಹಿಳಾ ಮಂಡಳಿ ಸದಸ್ಯರು ಉಪಸ್ಥಿತರಿದ್ದರು. ಯುವಕರು ಸ್ವಯಂಸೇವಕರಾಗಿ ಸೇವೆ ಸಲ್ಲಿಸಿದರು. ಸಂಜೆ ಭಕ್ತಿ ಸಂಗೀತ ಹಾಗೂ ಪುರವಂತಿಕೆ ಕಾರ್ಯಕ್ರಮ ನಡೆಯಿತು. ವಾರ್ಷಿಕೋತ್ಸವದ ಅಂಗವಾಗಿ ವಿಶೇಷ ಅಭಿಷೇಕ, ರುದ್ರ ಪಠಣ ನೆರವೇರಿತು. ದೀಪೋತ್ಸವ ಕಣ್ಮನ ಸೆಳೆಯಿತು. ಭಕ್ತರ ದಟ್ಟಣೆ ಹೆಚ್ಚಿದ್ದರಿಂದ ವಿಶೇಷ ವ್ಯವಸ್ಥೆ ಮಾಡಲಾಗಿತ್ತು. ಮುಂದಿನ ವರ್ಷದ ಉತ್ಸವವನ್ನು ಮತ್ತಷ್ಟು ವಿಜೃಂಭಣೆಯಿಂದ ಆಚರಿಸುವ ತೀರ್ಮಾನ ಕೈಗೊಳ್ಳಲಾಯಿತು. ಕಾರ್ಯಕ್ರಮದ ಯಶಸ್ಸಿಗೆ ಶ್ರಮಿಸಿದವರನ್ನು ಸನ್ಮಾನಿಸಲಾಯಿತು.
ಕಡೆ ಕಾರ್ತಿಕ, ವಿಶೇಷ ಪೂಜೆ ಕಡಲೆ ಕಾಯಿ ವಿತರಣೆ
ವಿಜಯಪುರ, ನ.18: ಹೊಸಣಿಯಲ್ಲಿ ಕೊನೆಯ ಕಾರ್ತಿಕ ಸೋಮವಾರದ ಅಂಗವಾಗಿ ಎಲ್ಲಾ ದೇವಾಲಯಗಳಲ್ಲಿ ವಿಶೇಷ ಅಭಿಷೇಕ, ಪೂಜೆ ಹಾಗೂ ಅಲಂಕಾರ, ರುದ್ರಾಭಿಷೇಕ ಕಾರ್ಯಕ್ರಮಗಳು ನಡೆದವು. ಶ್ರೀ ಸಂಗಮೇಶ್ವರ, ಗ್ರಾಮದ ರುದ್ರೇಶ್ವರ ಸೇರಿದಂತೆ ಹಲವು ದೇವಸ್ಥಾನಗಳಲ್ಲಿ ಬೆಳಗಿನಿಂದಲೇ ಭಕ್ತರ ದಟ್ಟಣೆ ಕಂಡುಬಂತು. ಎಲ್ಲೆಡೆ ವಿಶೇಷ ಪೂಜೆ; ಪಟ್ಟಣದ ಇತಿಹಾಸ ಪ್ರಸಿದ್ಧ ಹಳೆಯ ದೇವಾಲಯದಲ್ಲಿ ಶ್ರೀ ಸೋಮೇಶ್ವರ ಸ್ವಾಮಿಗೆ ವಿಶೇಷ ಹೂವಿನ ಅಲಂಕಾರ ಮಾಡಲಾಗಿತ್ತು. ದೇವಾಲಯಗಳಲ್ಲಿ ಕೈಮುಗಿಯುವ ಭಕ್ತರ ಸಾಲು ಕಂಡುಬಂತು. ದೀಪಾಲಂಕಾರ, ಭಜನೆ, ಶಿವನಾಮ ಸ್ಮರಣೆಯಲ್ಲಿ ದೇವಾಲಯಗಳು ಕಂಗೊಳಿಸಿದವು. ಸಂಜೆ ನಡೆದ ದೀಪೋತ್ಸವದಲ್ಲಿ ಸಾವಿರಾರು ಭಕ್ತರು ಪಾಲ್ಗೊಂಡರು. ಮಹಿಳೆಯರು ಉಪವಾಸ ವ್ರತ ಆಚರಿಸಿ ಶಿವನ ಆರಾಧನೆ ಮಾಡಿದರು. ಕಾರ್ತಿಕ ಮಾಸದ ಕೊನೆಯ ಸೋಮವಾರವಾದ್ದರಿಂದ ವಿಶೇಷ ಮಹತ್ವ ಇತ್ತು.
ವಿಜಯಪುರ ಪಟ್ಟಣದ ಇತಿಹಾಸ ಪ್ರಸಿದ್ಧ ಬಯಲು ಬಸವೇಶ್ವರ ದೇವಸ್ಥಾನದಲ್ಲಿ ಕಾರ್ತಿಕ ಮಾಸದ ಅಂಗವಾಗಿ ವಿಶೇಷ ಪೂಜಾ ಕಾರ್ಯಕ್ರಮ ನಡೆಯಿತು.
ಗಡ್ಡದವರ ಮಠದ ಶ್ರೀ ದುರ್ಗಾಮಹೇಶ್ವರಿ, ಗಾಂಧಿಚೌಕದ ರುದ್ರದೇವರ ದೇವಾಲಯದಲ್ಲಿಯೂ ವಿಶೇಷ ಪೂಜೆ ನಡೆಯಿತು. ಭದ್ರಕಾಳಿ ದೇವಾಲಯದ ಆವರಣದಲ್ಲಿ ಮಹಿಳೆಯರು ಸಾಮೂಹಿಕ ಆರತಿ ನಡೆಸಿದರು. ಶ್ರೀ ಸೋಮೇಶ್ವರ ದೇವಾಲಯದಲ್ಲಿ ನಡೆದ ಅನ್ನದಾಸೋಹದಲ್ಲಿ ನೂರಾರು ಭಕ್ತರು ಪ್ರಸಾದ ಸ್ವೀಕರಿಸಿದರು. ಮಕ್ಕಳಿಗೆ ಕಡಲೆ ಕಾಯಿ ಹಾಗೂ ಬೆಲ್ಲ ವಿತರಿಸಲಾಯಿತು. ವಿವಿಧ ಭಜನಾ ಮಂಡಳಿಗಳು ಭಕ್ತಿಗೀತೆ ಹಾಡಿದರು. ದೇವಸ್ಥಾನದ ಆವರಣದಲ್ಲಿ ವಿಶೇಷ ದೀಪಾಲಂಕಾರ ಮಾಡಲಾಗಿತ್ತು. ಗ್ರಾಮ ದೇವತೆಗಳ ಉತ್ಸವ ಮೂರ್ತಿಗಳ ಮೆರವಣಿಗೆ ನಡೆಯಿತು. ಪೂಜಾ ಕಾರ್ಯಕ್ರಮಗಳಲ್ಲಿ ಗ್ರಾಮಸ್ಥರು ಶ್ರದ್ಧಾಭಕ್ತಿಯಿಂದ ಪಾಲ್ಗೊಂಡರು.
ಶ್ರೀ ಸೋಮೇಶ್ವರಸ್ವಾಮಿ ದೇವಾಲಯದಲ್ಲಿ ವಿಶೇಷ ಅಲಂಕಾರ ಮಾಡಲಾಗಿತ್ತು. ಮೇಲಿನ ಓಣಿಯ ಬಸವಣ್ಣ ದೇವಾಲಯದಲ್ಲಿ ಕಡಲೆ ಕಾಯಿ ಪರಿಷೆ ವಿಜೃಂಭಣೆಯಿಂದ ನಡೆಯಿತು. ಭಕ್ತರಿಗೆ ಕಡಲೆ ಕಾಯಿ ಪ್ರಸಾದ ವಿತರಿಸಲಾಯಿತು. ಶಿವಮೊಗ್ಗ, ಶಿವಗಂಗಾ ಮಠಗಳ ಶ್ರೀಗಳು ಭಕ್ತರಿಗೆ ಆಶೀರ್ವಚನ ನೀಡಿದರು. ಭಜನೆ, ಶಿವಾನಂದಮಯ ವಾತಾವರಣ ನಿರ್ಮಾಣವಾಗಿತ್ತು. ದೇವಾಲಯ ಸಮಿತಿಯ ವತಿಯಿಂದ ವಿಶೇಷ ಪೂಜಾ ಕಾರ್ಯಕ್ರಮಗಳು ಜರುಗಿದವು. ಶ್ರೀ ವೀರೇಶ್ವರಸ್ವಾಮಿ ದೇವಾಲಯದಲ್ಲಿಯೂ ಮಹಾಮಂಗಳಾರತಿ ನಡೆಯಿತು. ಸಾಮೂಹಿಕ ಅನ್ನದಾಸೋಹಕ್ಕೆ 101 ಶಿವಯೋಗಿಗಳು ಆಗಮಿಸಿದ್ದರು. ಪಟ್ಟಣದ ಪ್ರಮುಖ ಬೀದಿಗಳಲ್ಲಿ ಉತ್ಸವ ಮೆರವಣಿಗೆ ಸಾಗಿತು. ಭಕ್ತರ ಸಡಗರ ಸಂಭ್ರಮ ಮನೆ ಮಾಡಿತ್ತು.
